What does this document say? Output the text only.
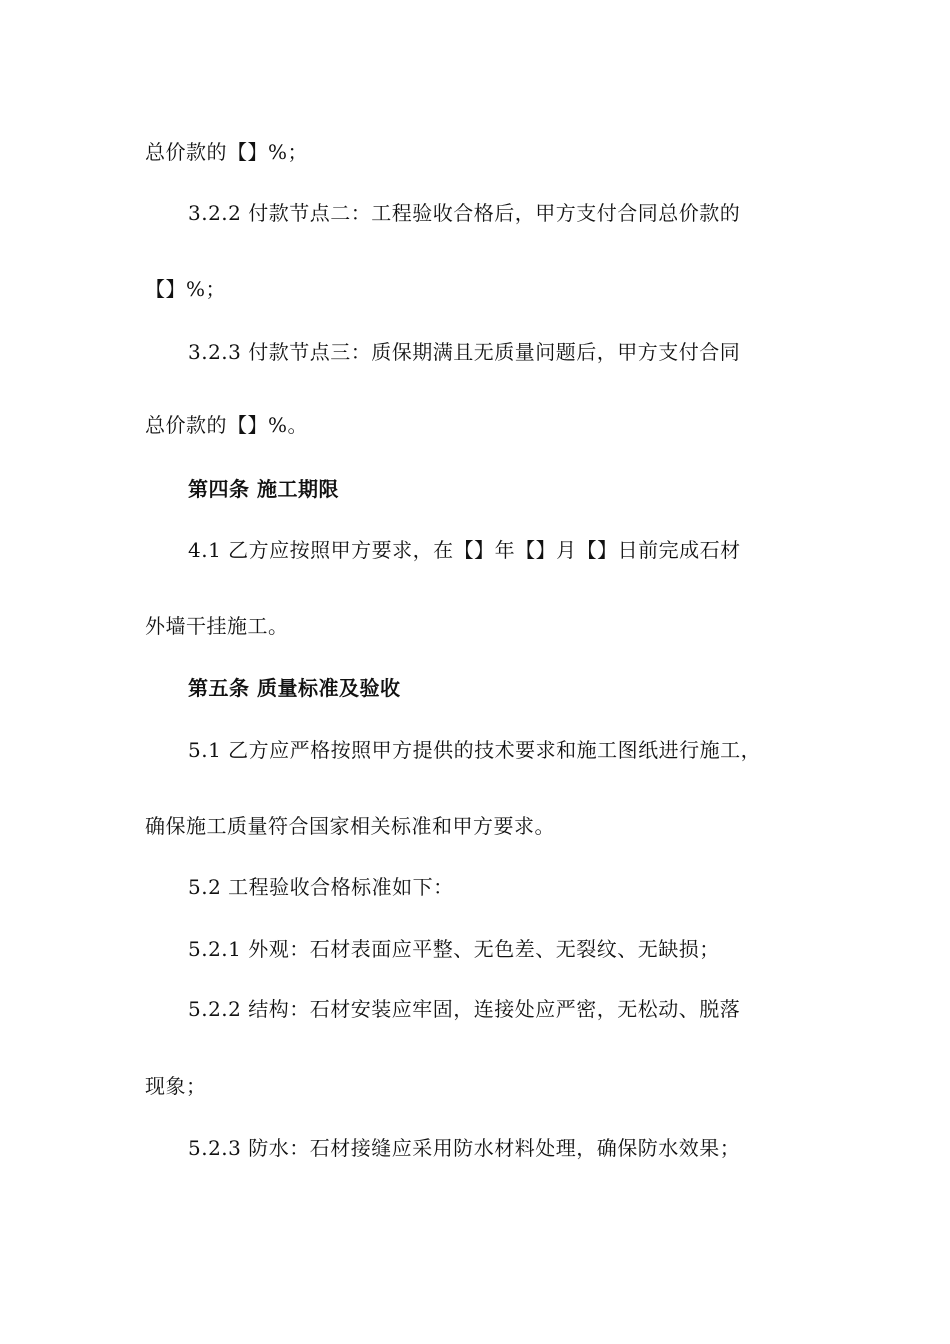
总价款的【】%；
3.2.2 付款节点二：工程验收合格后，甲方支付合同总价款的
【】%；
3.2.3 付款节点三：质保期满且无质量问题后，甲方支付合同
总价款的【】%。
第四条 施工期限
4.1 乙方应按照甲方要求，在【】年【】月【】日前完成石材
外墙干挂施工。
第五条 质量标准及验收
5.1 乙方应严格按照甲方提供的技术要求和施工图纸进行施工，
确保施工质量符合国家相关标准和甲方要求。
5.2 工程验收合格标准如下：
5.2.1 外观：石材表面应平整、无色差、无裂纹、无缺损；
5.2.2 结构：石材安装应牢固，连接处应严密，无松动、脱落
现象；
5.2.3 防水：石材接缝应采用防水材料处理，确保防水效果；
